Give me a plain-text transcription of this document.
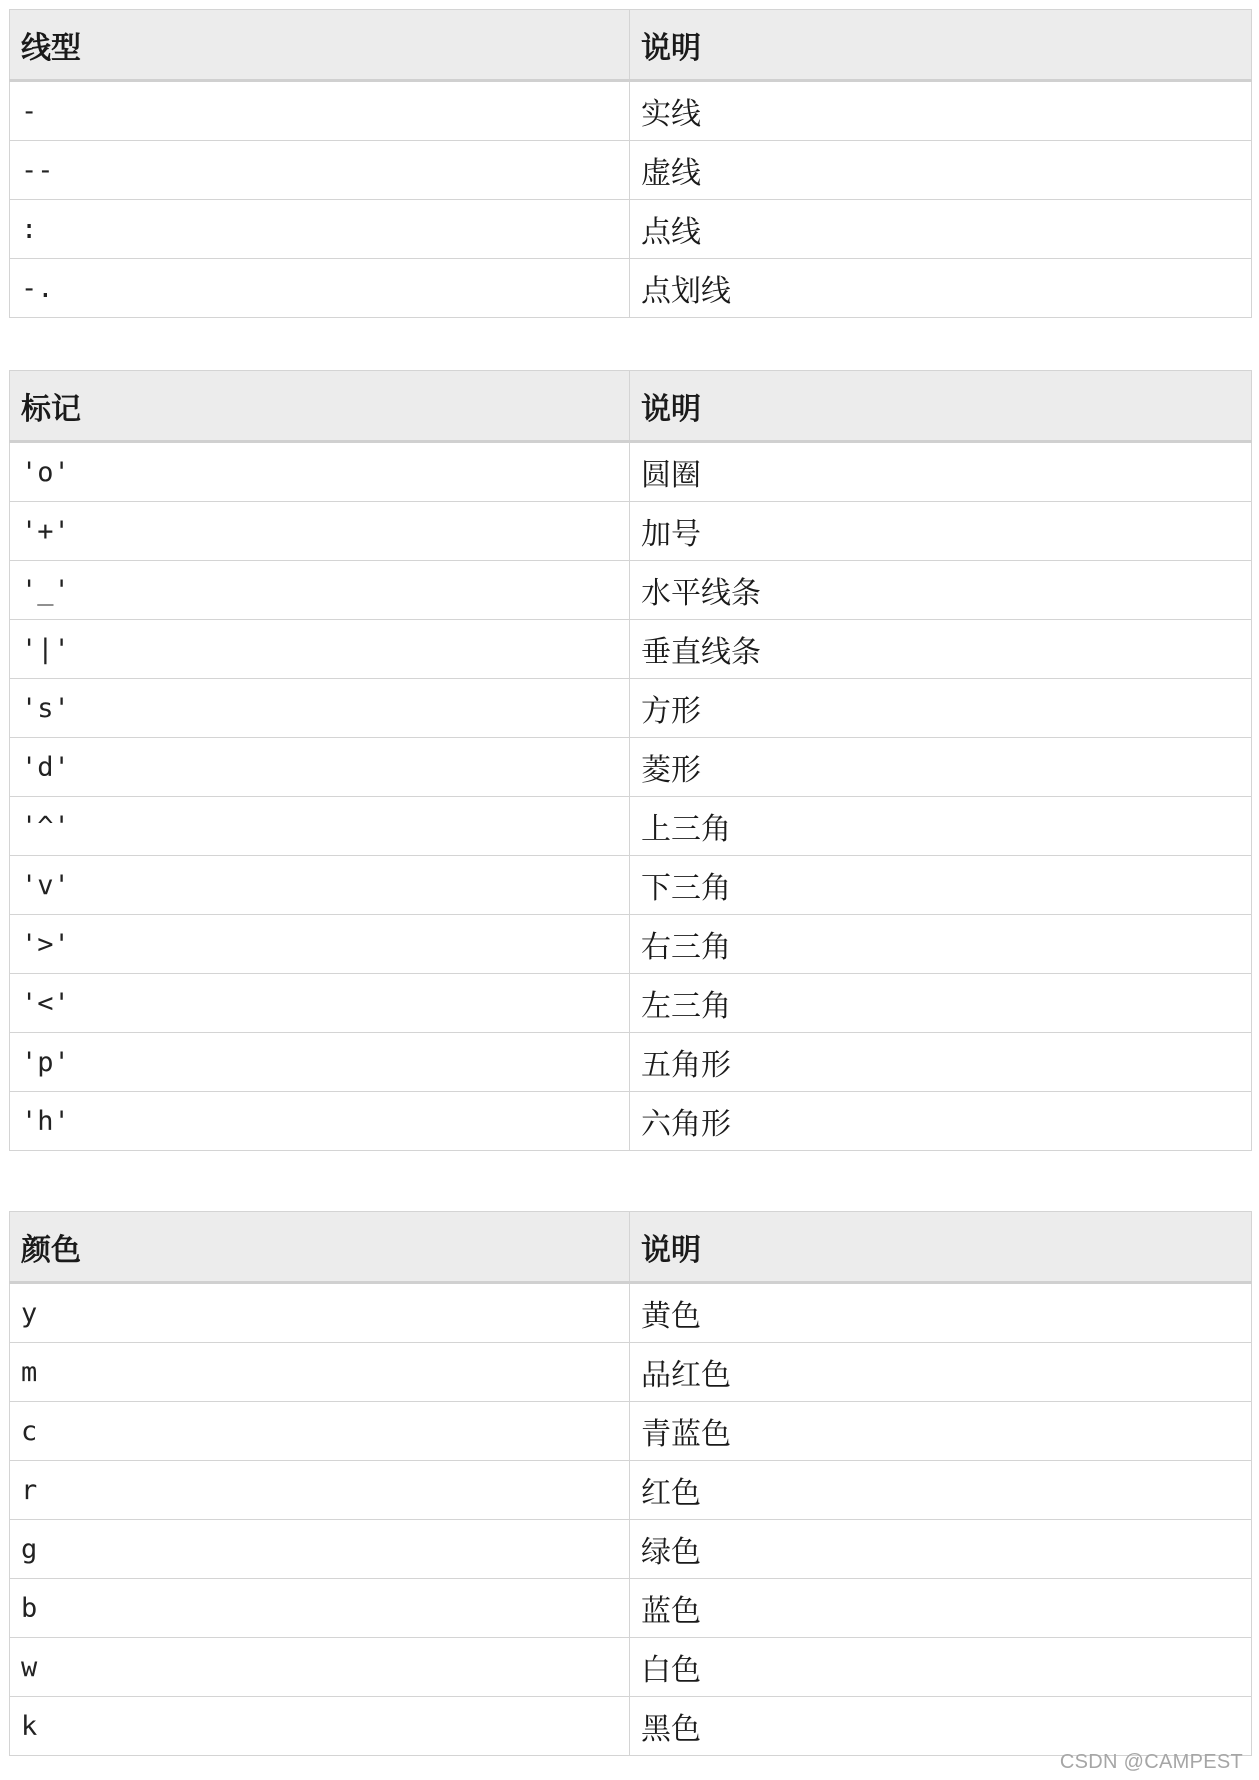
线型	说明
-	实线
--	虚线
:	点线
-.	点划线
标记	说明
'o'	圆圈
'+'	加号
'_'	水平线条
'|'	垂直线条
's'	方形
'd'	菱形
'^'	上三角
'v'	下三角
'>'	右三角
'<'	左三角
'p'	五角形
'h'	六角形
颜色	说明
y	黄色
m	品红色
c	青蓝色
r	红色
g	绿色
b	蓝色
w	白色
k	黑色
CSDN @CAMPEST
